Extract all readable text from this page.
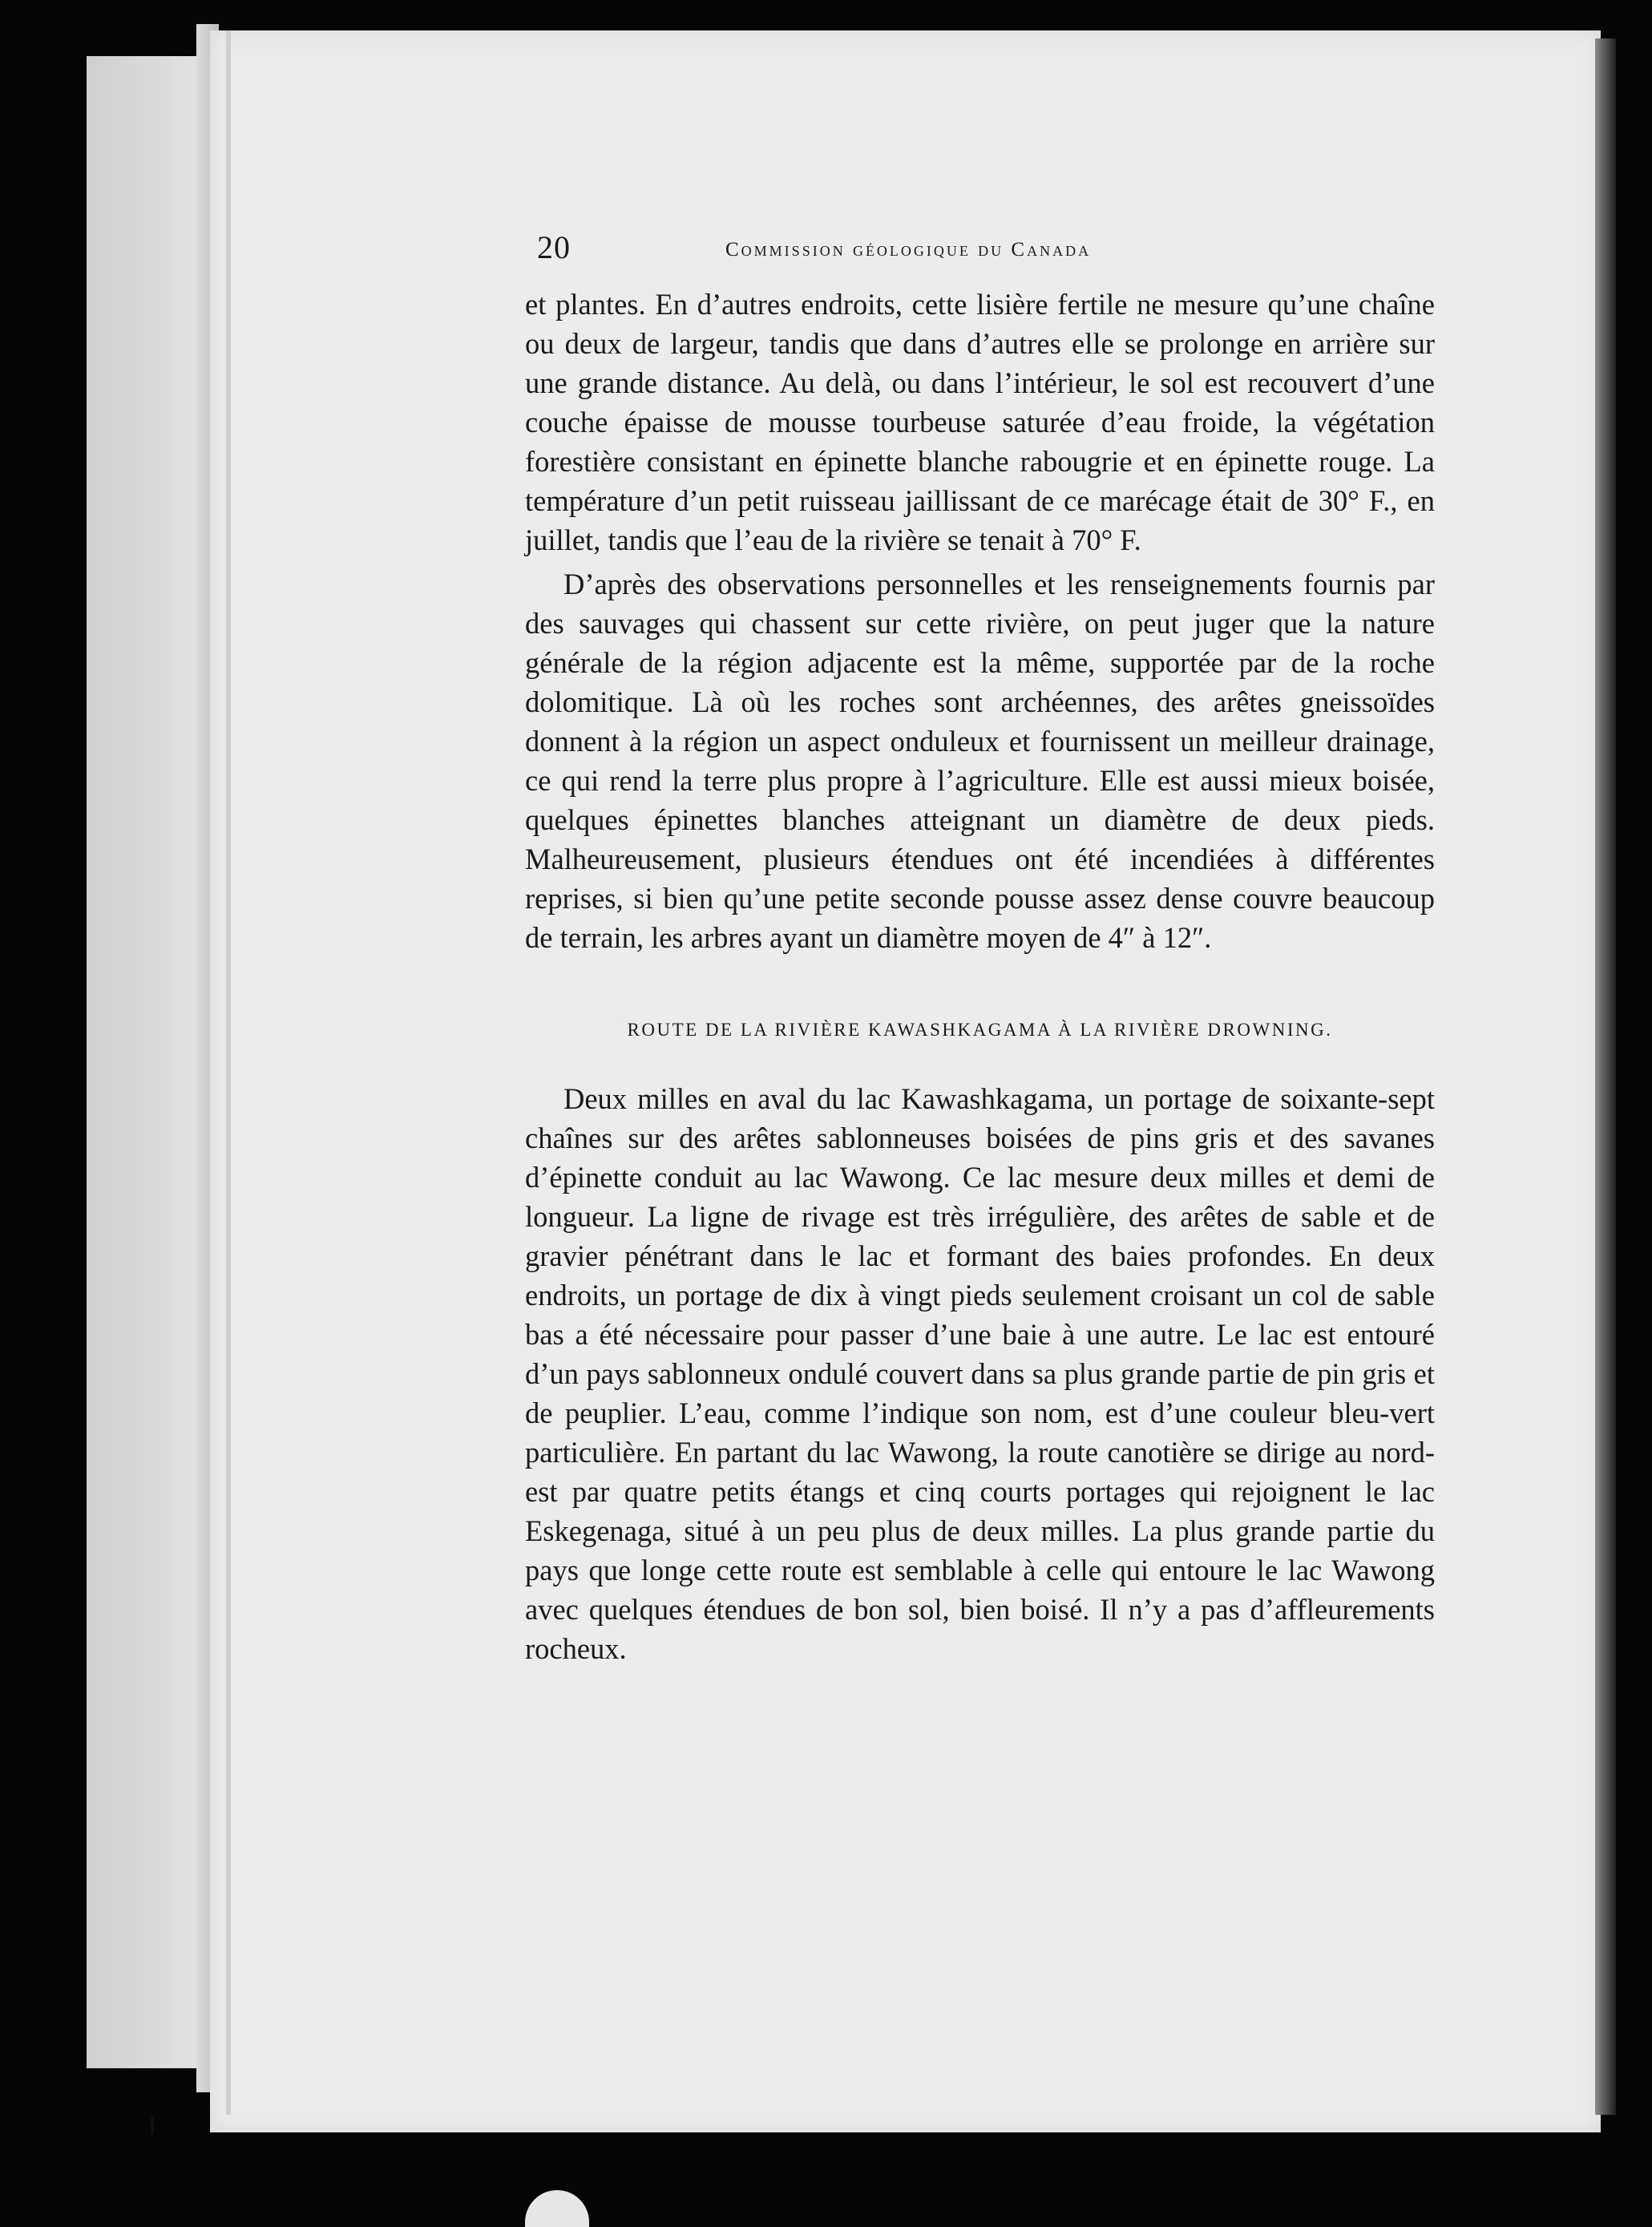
20	Commission géologique du Canada

et plantes. En d’autres endroits, cette lisière fertile ne mesure qu’une chaîne ou deux de largeur, tandis que dans d’autres elle se prolonge en arrière sur une grande distance. Au delà, ou dans l’intérieur, le sol est recouvert d’une couche épaisse de mousse tourbeuse saturée d’eau froide, la végétation forestière consistant en épinette blanche rabougrie et en épinette rouge. La température d’un petit ruisseau jaillissant de ce marécage était de 30° F., en juillet, tandis que l’eau de la rivière se tenait à 70° F.

D’après des observations personnelles et les renseignements fournis par des sauvages qui chassent sur cette rivière, on peut juger que la nature générale de la région adjacente est la même, supportée par de la roche dolomitique. Là où les roches sont archéennes, des arêtes gneissoïdes donnent à la région un aspect onduleux et fournissent un meilleur drainage, ce qui rend la terre plus propre à l’agriculture. Elle est aussi mieux boisée, quelques épinettes blanches atteignant un diamètre de deux pieds. Malheureusement, plusieurs étendues ont été incendiées à différentes reprises, si bien qu’une petite seconde pousse assez dense couvre beaucoup de terrain, les arbres ayant un diamètre moyen de 4″ à 12″.

ROUTE DE LA RIVIÈRE KAWASHKAGAMA À LA RIVIÈRE DROWNING.

Deux milles en aval du lac Kawashkagama, un portage de soixante-sept chaînes sur des arêtes sablonneuses boisées de pins gris et des savanes d’épinette conduit au lac Wawong. Ce lac mesure deux milles et demi de longueur. La ligne de rivage est très irrégulière, des arêtes de sable et de gravier pénétrant dans le lac et formant des baies profondes. En deux endroits, un portage de dix à vingt pieds seulement croisant un col de sable bas a été nécessaire pour passer d’une baie à une autre. Le lac est entouré d’un pays sablonneux ondulé couvert dans sa plus grande partie de pin gris et de peuplier. L’eau, comme l’indique son nom, est d’une couleur bleu-vert particulière. En partant du lac Wawong, la route canotière se dirige au nord-est par quatre petits étangs et cinq courts portages qui rejoignent le lac Eskegenaga, situé à un peu plus de deux milles. La plus grande partie du pays que longe cette route est semblable à celle qui entoure le lac Wawong avec quelques étendues de bon sol, bien boisé. Il n’y a pas d’affleurements rocheux.
